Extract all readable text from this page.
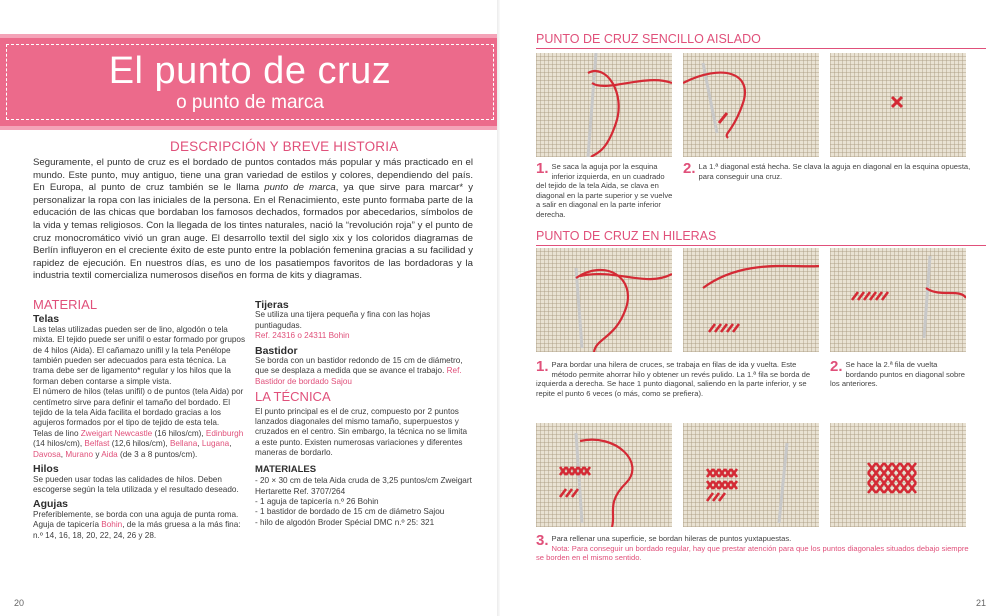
El punto de cruz
o punto de marca
DESCRIPCIÓN Y BREVE HISTORIA
Seguramente, el punto de cruz es el bordado de puntos contados más popular y más practicado en el mundo. Este punto, muy antiguo, tiene una gran variedad de estilos y colores, dependiendo del país. En Europa, al punto de cruz también se le llama punto de marca, ya que sirve para marcar* y personalizar la ropa con las iniciales de la persona. En el Renacimiento, este punto formaba parte de la educación de las chicas que bordaban los famosos dechados, formados por abecedarios, símbolos de la vida y temas religiosos. Con la llegada de los tintes naturales, nació la “revolución roja” y el punto de cruz monocromático vivió un gran auge. El desarrollo textil del siglo xix y los coloridos diagramas de Berlín influyeron en el creciente éxito de este punto entre la población femenina gracias a su facilidad y rapidez de ejecución. En nuestros días, es uno de los pasatiempos favoritos de las bordadoras y la industria textil comercializa numerosos diseños en forma de kits y diagramas.
MATERIAL
Telas

Las telas utilizadas pueden ser de lino, algodón o tela mixta. El tejido puede ser unifil o estar formado por grupos de 4 hilos (Aida). El cañamazo unifil y la tela Penélope también pueden ser adecuados para esta técnica. La trama debe ser de ligamento* regular y los hilos que la forman deben contarse a simple vista.

El número de hilos (telas unifil) o de puntos (tela Aida) por centímetro sirve para definir el tamaño del bordado. El tejido de la tela Aida facilita el bordado gracias a los agujeros formados por el tipo de tejido de esta tela.

Telas de lino Zweigart Newcastle (16 hilos/cm), Edinburgh (14 hilos/cm), Belfast (12,6 hilos/cm), Bellana, Lugana, Davosa, Murano y Aida (de 3 a 8 puntos/cm).

Hilos

Se pueden usar todas las calidades de hilos. Deben escogerse según la tela utilizada y el resultado deseado.

Agujas

Preferiblemente, se borda con una aguja de punta roma. Aguja de tapicería Bohin, de la más gruesa a la más fina: n.º 14, 16, 18, 20, 22, 24, 26 y 28.

Tijeras

Se utiliza una tijera pequeña y fina con las hojas puntiagudas.

Ref. 24316 o 24311 Bohin

Bastidor

Se borda con un bastidor redondo de 15 cm de diámetro, que se desplaza a medida que se avance el trabajo. Ref. Bastidor de bordado Sajou

LA TÉCNICA

El punto principal es el de cruz, compuesto por 2 puntos lanzados diagonales del mismo tamaño, superpuestos y cruzados en el centro. Sin embargo, la técnica no se limita a este punto. Existen numerosas variaciones y diferentes maneras de bordarlo.

MATERIALES

- 20 × 30 cm de tela Aida cruda de 3,25 puntos/cm Zweigart Hertarette Ref. 3707/264

- 1 aguja de tapicería n.º 26 Bohin

- 1 bastidor de bordado de 15 cm de diámetro Sajou

- hilo de algodón Broder Spécial DMC n.º 25: 321

20
PUNTO DE CRUZ SENCILLO AISLADO
1. Se saca la aguja por la esquina inferior izquierda, en un cuadrado del tejido de la tela Aida, se clava en diagonal en la parte superior y se vuelve a salir en diagonal en la parte inferior derecha.
2. La 1.ª diagonal está hecha. Se clava la aguja en diagonal en la esquina opuesta, para conseguir una cruz.
PUNTO DE CRUZ EN HILERAS
1. Para bordar una hilera de cruces, se trabaja en filas de ida y vuelta. Este método permite ahorrar hilo y obtener un revés pulido. La 1.ª fila se borda de izquierda a derecha. Se hace 1 punto diagonal, saliendo en la parte inferior, y se repite el punto 6 veces (o más, como se prefiera).
2. Se hace la 2.ª fila de vuelta bordando puntos en diagonal sobre los anteriores.
3. Para rellenar una superficie, se bordan hileras de puntos yuxtapuestas.
Nota: Para conseguir un bordado regular, hay que prestar atención para que los puntos diagonales situados debajo siempre se borden en el mismo sentido.
21
